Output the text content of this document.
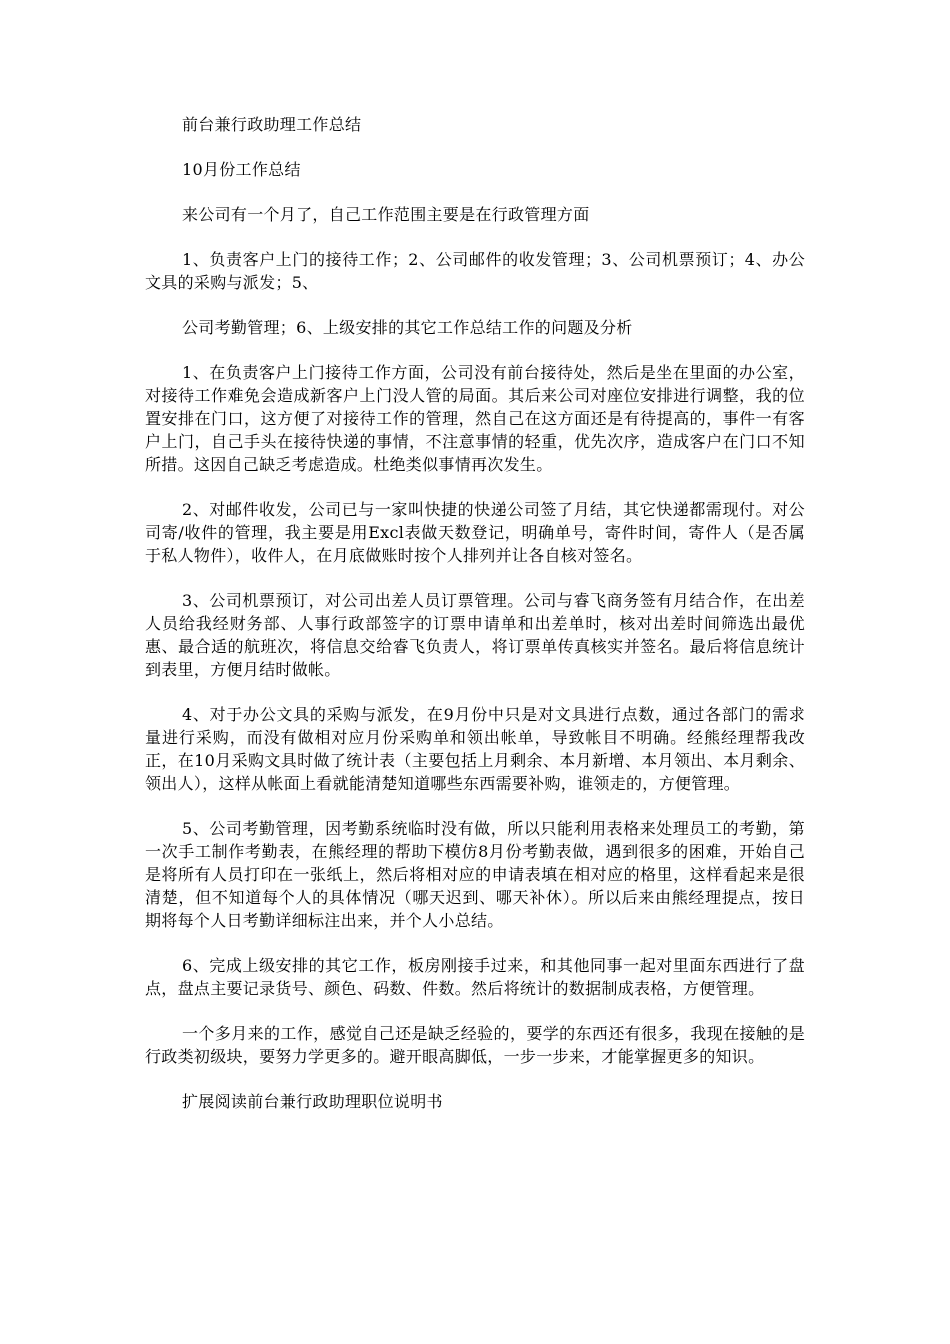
前台兼行政助理工作总结

10月份工作总结

来公司有一个月了，自己工作范围主要是在行政管理方面

1、负责客户上门的接待工作；2、公司邮件的收发管理；3、公司机票预订；4、办公文具的采购与派发；5、

公司考勤管理；6、上级安排的其它工作总结工作的问题及分析

1、在负责客户上门接待工作方面，公司没有前台接待处，然后是坐在里面的办公室，对接待工作难免会造成新客户上门没人管的局面。其后来公司对座位安排进行调整，我的位置安排在门口，这方便了对接待工作的管理，然自己在这方面还是有待提高的，事件一有客户上门，自己手头在接待快递的事情，不注意事情的轻重，优先次序，造成客户在门口不知所措。这因自己缺乏考虑造成。杜绝类似事情再次发生。

2、对邮件收发，公司已与一家叫快捷的快递公司签了月结，其它快递都需现付。对公司寄/收件的管理，我主要是用Excl表做天数登记，明确单号，寄件时间，寄件人（是否属于私人物件），收件人，在月底做账时按个人排列并让各自核对签名。

3、公司机票预订，对公司出差人员订票管理。公司与睿飞商务签有月结合作，在出差人员给我经财务部、人事行政部签字的订票申请单和出差单时，核对出差时间筛选出最优惠、最合适的航班次，将信息交给睿飞负责人，将订票单传真核实并签名。最后将信息统计到表里，方便月结时做帐。

4、对于办公文具的采购与派发，在9月份中只是对文具进行点数，通过各部门的需求量进行采购，而没有做相对应月份采购单和领出帐单，导致帐目不明确。经熊经理帮我改正，在10月采购文具时做了统计表（主要包括上月剩余、本月新增、本月领出、本月剩余、领出人），这样从帐面上看就能清楚知道哪些东西需要补购，谁领走的，方便管理。

5、公司考勤管理，因考勤系统临时没有做，所以只能利用表格来处理员工的考勤，第一次手工制作考勤表，在熊经理的帮助下模仿8月份考勤表做，遇到很多的困难，开始自己是将所有人员打印在一张纸上，然后将相对应的申请表填在相对应的格里，这样看起来是很清楚，但不知道每个人的具体情况（哪天迟到、哪天补休）。所以后来由熊经理提点，按日期将每个人日考勤详细标注出来，并个人小总结。

6、完成上级安排的其它工作，板房刚接手过来，和其他同事一起对里面东西进行了盘点，盘点主要记录货号、颜色、码数、件数。然后将统计的数据制成表格，方便管理。

一个多月来的工作，感觉自己还是缺乏经验的，要学的东西还有很多，我现在接触的是行政类初级块，要努力学更多的。避开眼高脚低，一步一步来，才能掌握更多的知识。

扩展阅读前台兼行政助理职位说明书
